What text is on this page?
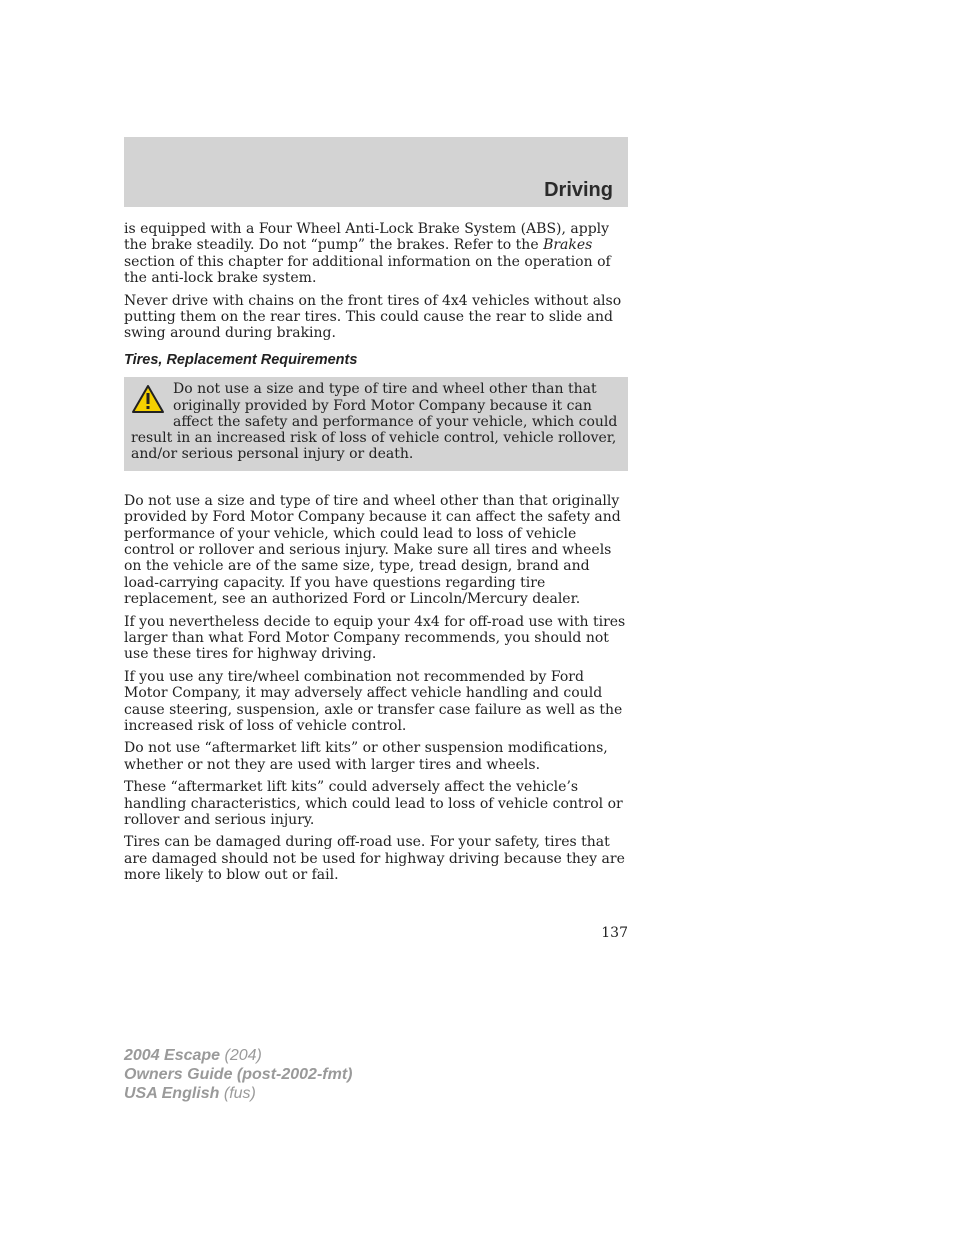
Driving

is equipped with a Four Wheel Anti-Lock Brake System (ABS), apply the brake steadily. Do not “pump” the brakes. Refer to the Brakes section of this chapter for additional information on the operation of the anti-lock brake system.

Never drive with chains on the front tires of 4x4 vehicles without also putting them on the rear tires. This could cause the rear to slide and swing around during braking.

Tires, Replacement Requirements
Do not use a size and type of tire and wheel other than that originally provided by Ford Motor Company because it can affect the safety and performance of your vehicle, which could result in an increased risk of loss of vehicle control, vehicle rollover, and/or serious personal injury or death.

Do not use a size and type of tire and wheel other than that originally provided by Ford Motor Company because it can affect the safety and performance of your vehicle, which could lead to loss of vehicle control or rollover and serious injury. Make sure all tires and wheels on the vehicle are of the same size, type, tread design, brand and load-carrying capacity. If you have questions regarding tire replacement, see an authorized Ford or Lincoln/Mercury dealer.

If you nevertheless decide to equip your 4x4 for off-road use with tires larger than what Ford Motor Company recommends, you should not use these tires for highway driving.

If you use any tire/wheel combination not recommended by Ford Motor Company, it may adversely affect vehicle handling and could cause steering, suspension, axle or transfer case failure as well as the increased risk of loss of vehicle control.

Do not use “aftermarket lift kits” or other suspension modifications, whether or not they are used with larger tires and wheels.

These “aftermarket lift kits” could adversely affect the vehicle’s handling characteristics, which could lead to loss of vehicle control or rollover and serious injury.

Tires can be damaged during off-road use. For your safety, tires that are damaged should not be used for highway driving because they are more likely to blow out or fail.

137

2004 Escape (204)
Owners Guide (post-2002-fmt)
USA English (fus)
